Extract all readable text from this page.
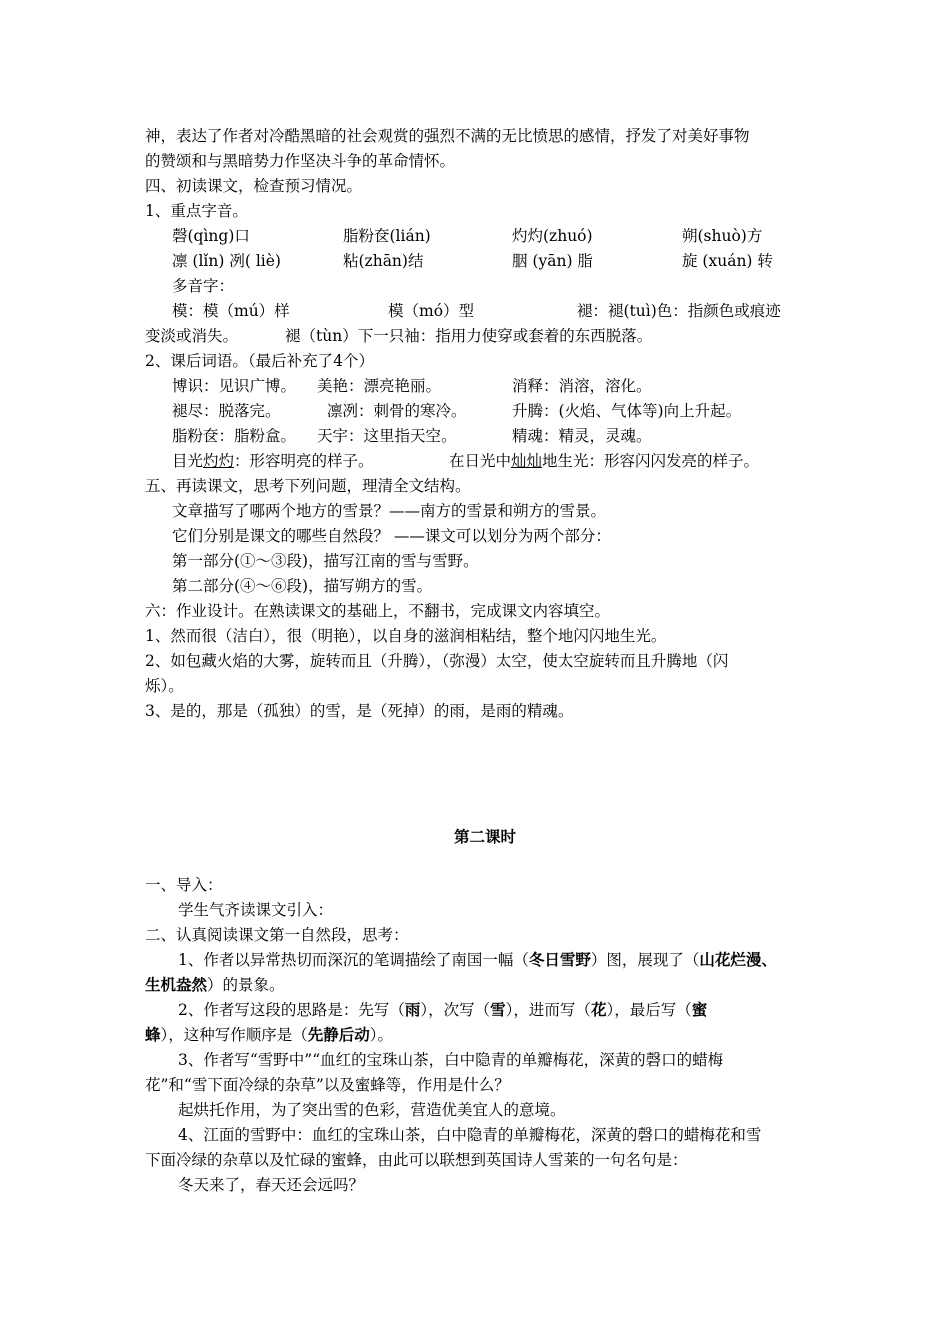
神，表达了作者对冷酷黑暗的社会观赏的强烈不满的无比愤思的感情，抒发了对美好事物
的赞颂和与黑暗势力作坚决斗争的革命情怀。
四、初读课文，检查预习情况。
1、重点字音。
磬(qìng)口	脂粉奁(lián)	灼灼(zhuó)	朔(shuò)方
凛 (lǐn) 冽( liè)	粘(zhān)结	胭 (yān) 脂	旋 (xuán) 转
多音字：
模：模（mú）样	模（mó）型	褪：褪(tuì)色：指颜色或痕迹
变淡或消失。	褪（tùn）下一只袖：指用力使穿或套着的东西脱落。
2、课后词语。（最后补充了4个）
博识：见识广博。 美艳：漂亮艳丽。	消释：消溶，溶化。
褪尽：脱落完。	凛冽：刺骨的寒冷。	升腾：(火焰、气体等)向上升起。
脂粉奁：脂粉盒。 天宇：这里指天空。	精魂：精灵，灵魂。
目光灼灼：形容明亮的样子。	在日光中灿灿地生光：形容闪闪发亮的样子。
五、再读课文，思考下列问题，理清全文结构。
文章描写了哪两个地方的雪景？——南方的雪景和朔方的雪景。
它们分别是课文的哪些自然段？ ——课文可以划分为两个部分：
第一部分(①～③段)，描写江南的雪与雪野。
第二部分(④～⑥段)，描写朔方的雪。
六：作业设计。在熟读课文的基础上，不翻书，完成课文内容填空。
1、然而很（洁白），很（明艳），以自身的滋润相粘结，整个地闪闪地生光。
2、如包藏火焰的大雾，旋转而且（升腾），（弥漫）太空，使太空旋转而且升腾地（闪
烁）。
3、是的，那是（孤独）的雪，是（死掉）的雨，是雨的精魂。
第二课时
一、导入：
学生气齐读课文引入：
二、认真阅读课文第一自然段，思考：
1、作者以异常热切而深沉的笔调描绘了南国一幅（冬日雪野）图，展现了（山花烂漫、
生机盎然）的景象。
2、作者写这段的思路是：先写（雨），次写（雪），进而写（花），最后写（蜜
蜂），这种写作顺序是（先静后动）。
3、作者写“雪野中”“血红的宝珠山茶，白中隐青的单瓣梅花，深黄的磬口的蜡梅
花”和“雪下面冷绿的杂草”以及蜜蜂等，作用是什么？
起烘托作用，为了突出雪的色彩，营造优美宜人的意境。
4、江面的雪野中：血红的宝珠山茶，白中隐青的单瓣梅花，深黄的磬口的蜡梅花和雪
下面冷绿的杂草以及忙碌的蜜蜂，由此可以联想到英国诗人雪莱的一句名句是：
冬天来了，春天还会远吗？
